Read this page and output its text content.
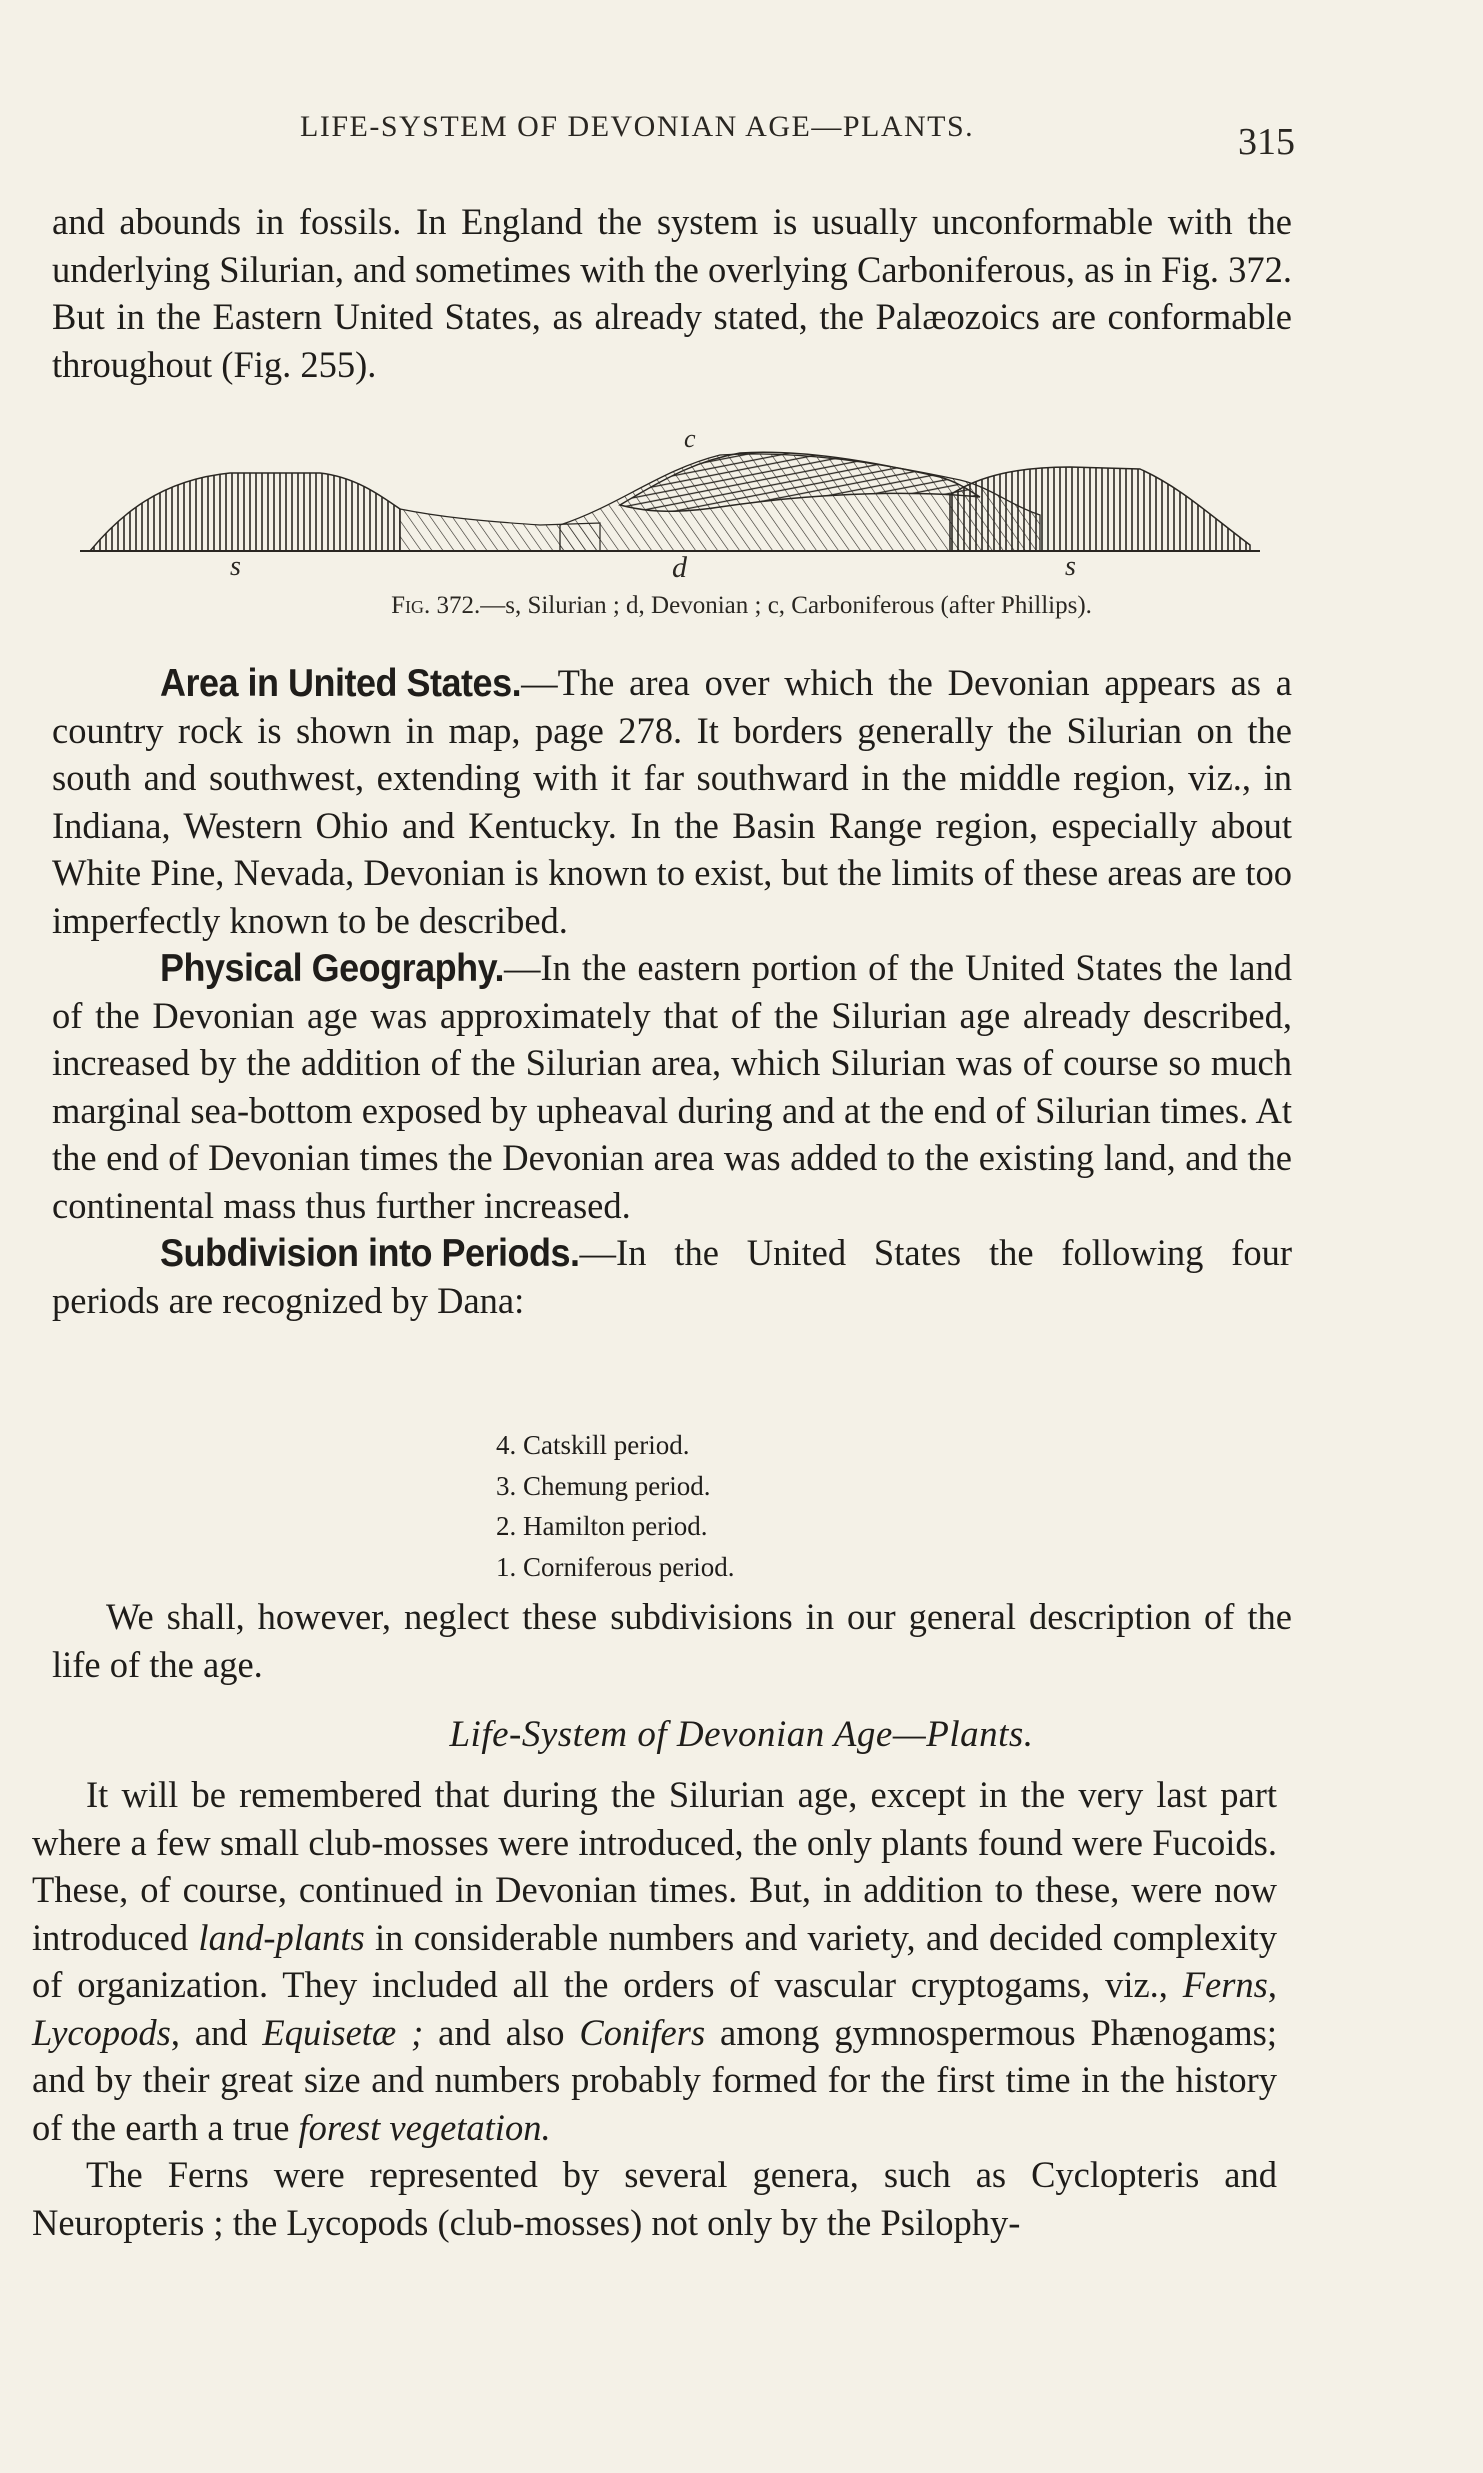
LIFE-SYSTEM OF DEVONIAN AGE—PLANTS.	315

and abounds in fossils. In England the system is usually unconformable with the underlying Silurian, and sometimes with the overlying Carboniferous, as in Fig. 372. But in the Eastern United States, as already stated, the Palæozoics are conformable throughout (Fig. 255).

c
s	d	s
Fig. 372.—s, Silurian ; d, Devonian ; c, Carboniferous (after Phillips).

Area in United States.—The area over which the Devonian appears as a country rock is shown in map, page 278. It borders generally the Silurian on the south and southwest, extending with it far southward in the middle region, viz., in Indiana, Western Ohio and Kentucky. In the Basin Range region, especially about White Pine, Nevada, Devonian is known to exist, but the limits of these areas are too imperfectly known to be described.

Physical Geography.—In the eastern portion of the United States the land of the Devonian age was approximately that of the Silurian age already described, increased by the addition of the Silurian area, which Silurian was of course so much marginal sea-bottom exposed by upheaval during and at the end of Silurian times. At the end of Devonian times the Devonian area was added to the existing land, and the continental mass thus further increased.

Subdivision into Periods.—In the United States the following four periods are recognized by Dana:

4. Catskill period.
3. Chemung period.
2. Hamilton period.
1. Corniferous period.

We shall, however, neglect these subdivisions in our general description of the life of the age.

Life-System of Devonian Age—Plants.

It will be remembered that during the Silurian age, except in the very last part where a few small club-mosses were introduced, the only plants found were Fucoids. These, of course, continued in Devonian times. But, in addition to these, were now introduced land-plants in considerable numbers and variety, and decided complexity of organization. They included all the orders of vascular cryptogams, viz., Ferns, Lycopods, and Equisetæ ; and also Conifers among gymnospermous Phænogams; and by their great size and numbers probably formed for the first time in the history of the earth a true forest vegetation.

The Ferns were represented by several genera, such as Cyclopteris and Neuropteris ; the Lycopods (club-mosses) not only by the Psilophy-
